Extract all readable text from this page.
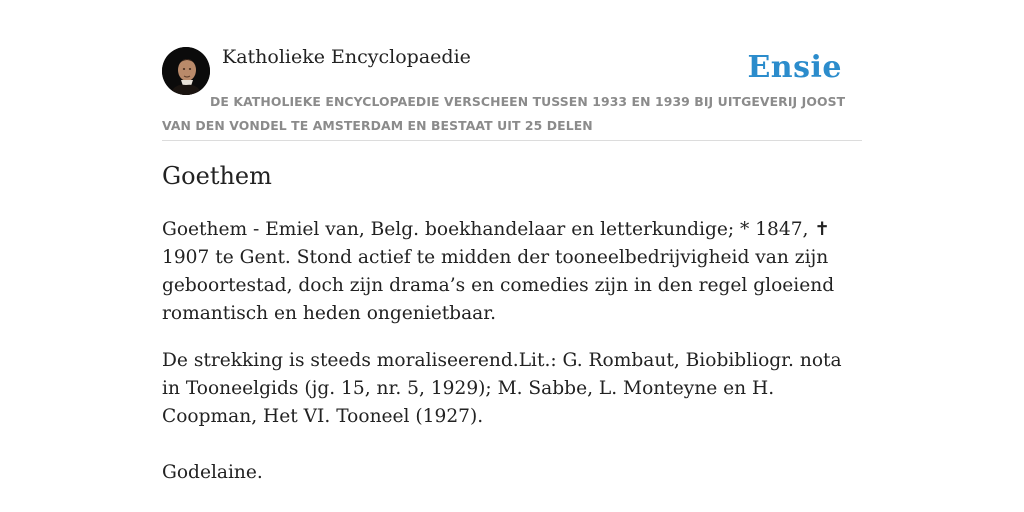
Katholieke Encyclopaedie	Ensie
DE KATHOLIEKE ENCYCLOPAEDIE VERSCHEEN TUSSEN 1933 EN 1939 BIJ UITGEVERIJ JOOST VAN DEN VONDEL TE AMSTERDAM EN BESTAAT UIT 25 DELEN
Goethem

Goethem - Emiel van, Belg. boekhandelaar en letterkundige; * 1847, ✝ 1907 te Gent. Stond actief te midden der tooneelbedrijvigheid van zijn geboortestad, doch zijn drama’s en comedies zijn in den regel gloeiend romantisch en heden ongenietbaar.

De strekking is steeds moraliseerend.Lit.: G. Rombaut, Biobibliogr. nota in Tooneelgids (jg. 15, nr. 5, 1929); M. Sabbe, L. Monteyne en H. Coopman, Het VI. Tooneel (1927).

Godelaine.
